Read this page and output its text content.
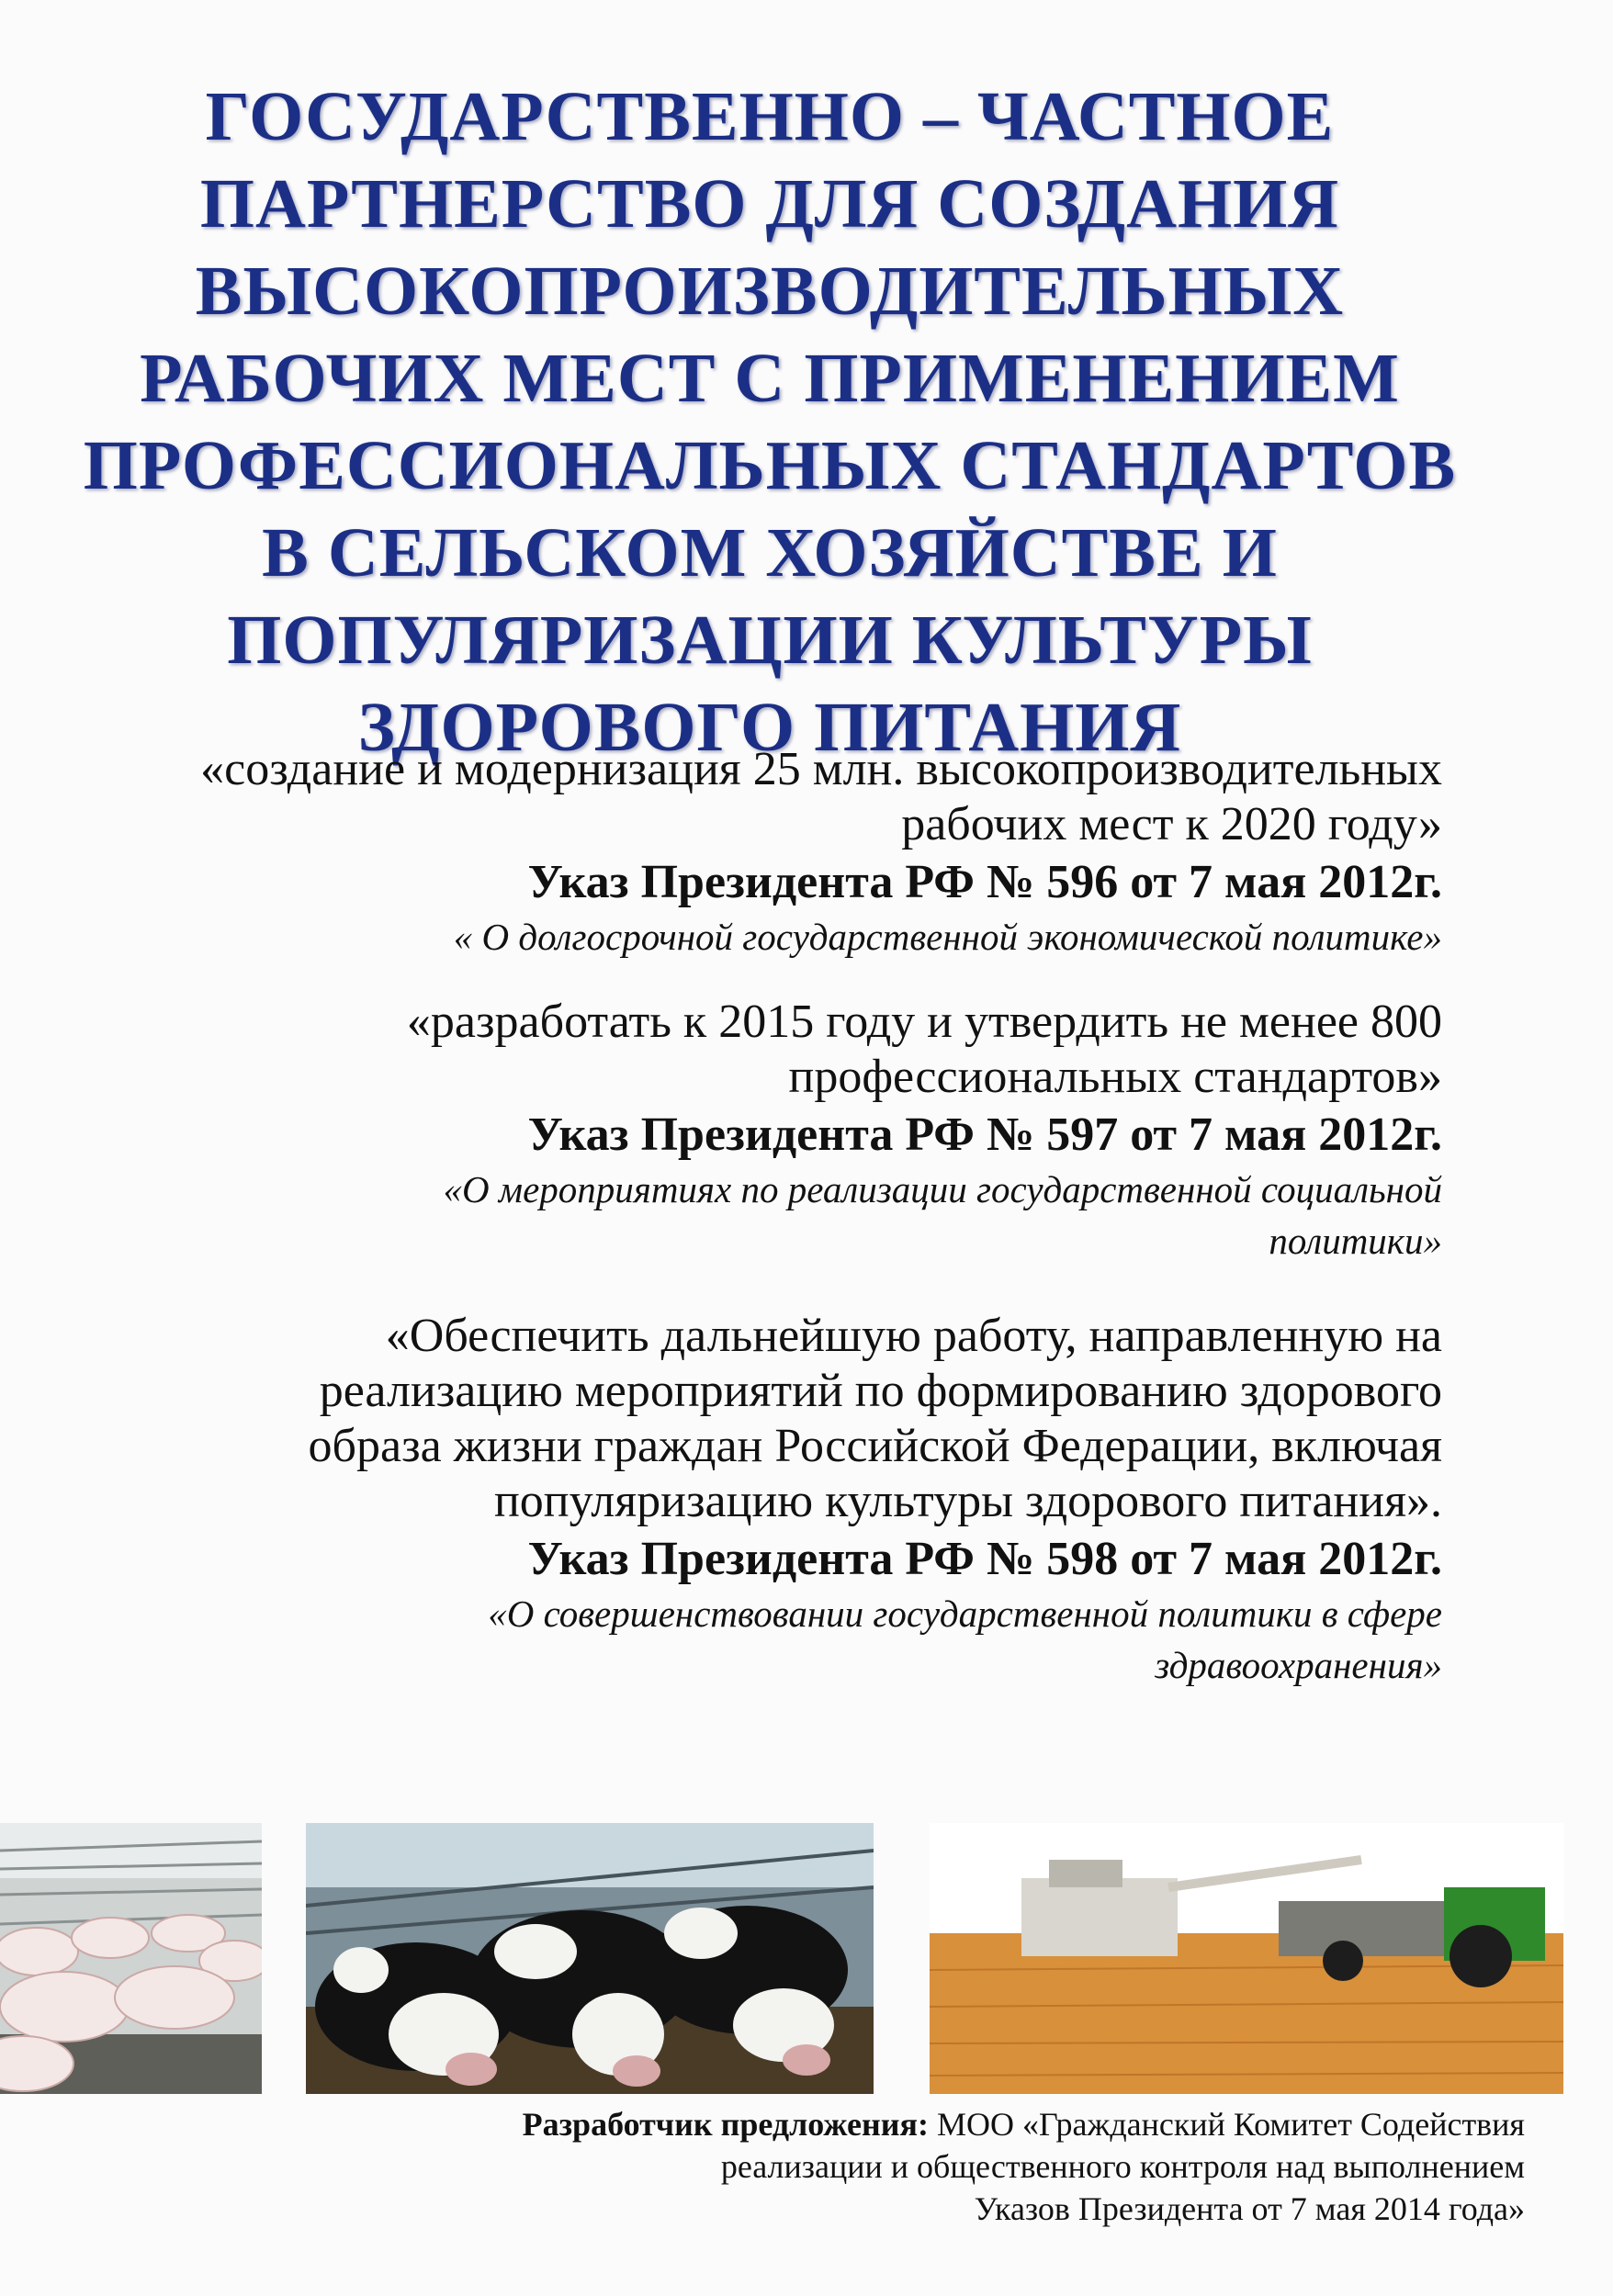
ГОСУДАРСТВЕННО – ЧАСТНОЕ
ПАРТНЕРСТВО ДЛЯ СОЗДАНИЯ
ВЫСОКОПРОИЗВОДИТЕЛЬНЫХ
РАБОЧИХ МЕСТ С ПРИМЕНЕНИЕМ
ПРОФЕССИОНАЛЬНЫХ СТАНДАРТОВ
В СЕЛЬСКОМ ХОЗЯЙСТВЕ И
ПОПУЛЯРИЗАЦИИ КУЛЬТУРЫ
ЗДОРОВОГО ПИТАНИЯ
«создание и модернизация 25 млн. высокопроизводительных
рабочих мест к 2020 году»
Указ Президента РФ № 596 от 7 мая 2012г.
« О долгосрочной государственной экономической политике»
«разработать к 2015 году и утвердить не менее 800
профессиональных стандартов»
Указ Президента РФ № 597 от 7 мая 2012г.
«О мероприятиях по реализации государственной социальной
политики»
«Обеспечить дальнейшую работу, направленную на
реализацию мероприятий по формированию здорового
образа жизни граждан Российской Федерации, включая
популяризацию культуры здорового питания».
Указ Президента РФ № 598 от 7 мая 2012г.
«О совершенствовании государственной политики в сфере
здравоохранения»
Разработчик предложения: МОО «Гражданский Комитет Содействия
реализации и общественного контроля над выполнением
Указов Президента от 7 мая 2014 года»
